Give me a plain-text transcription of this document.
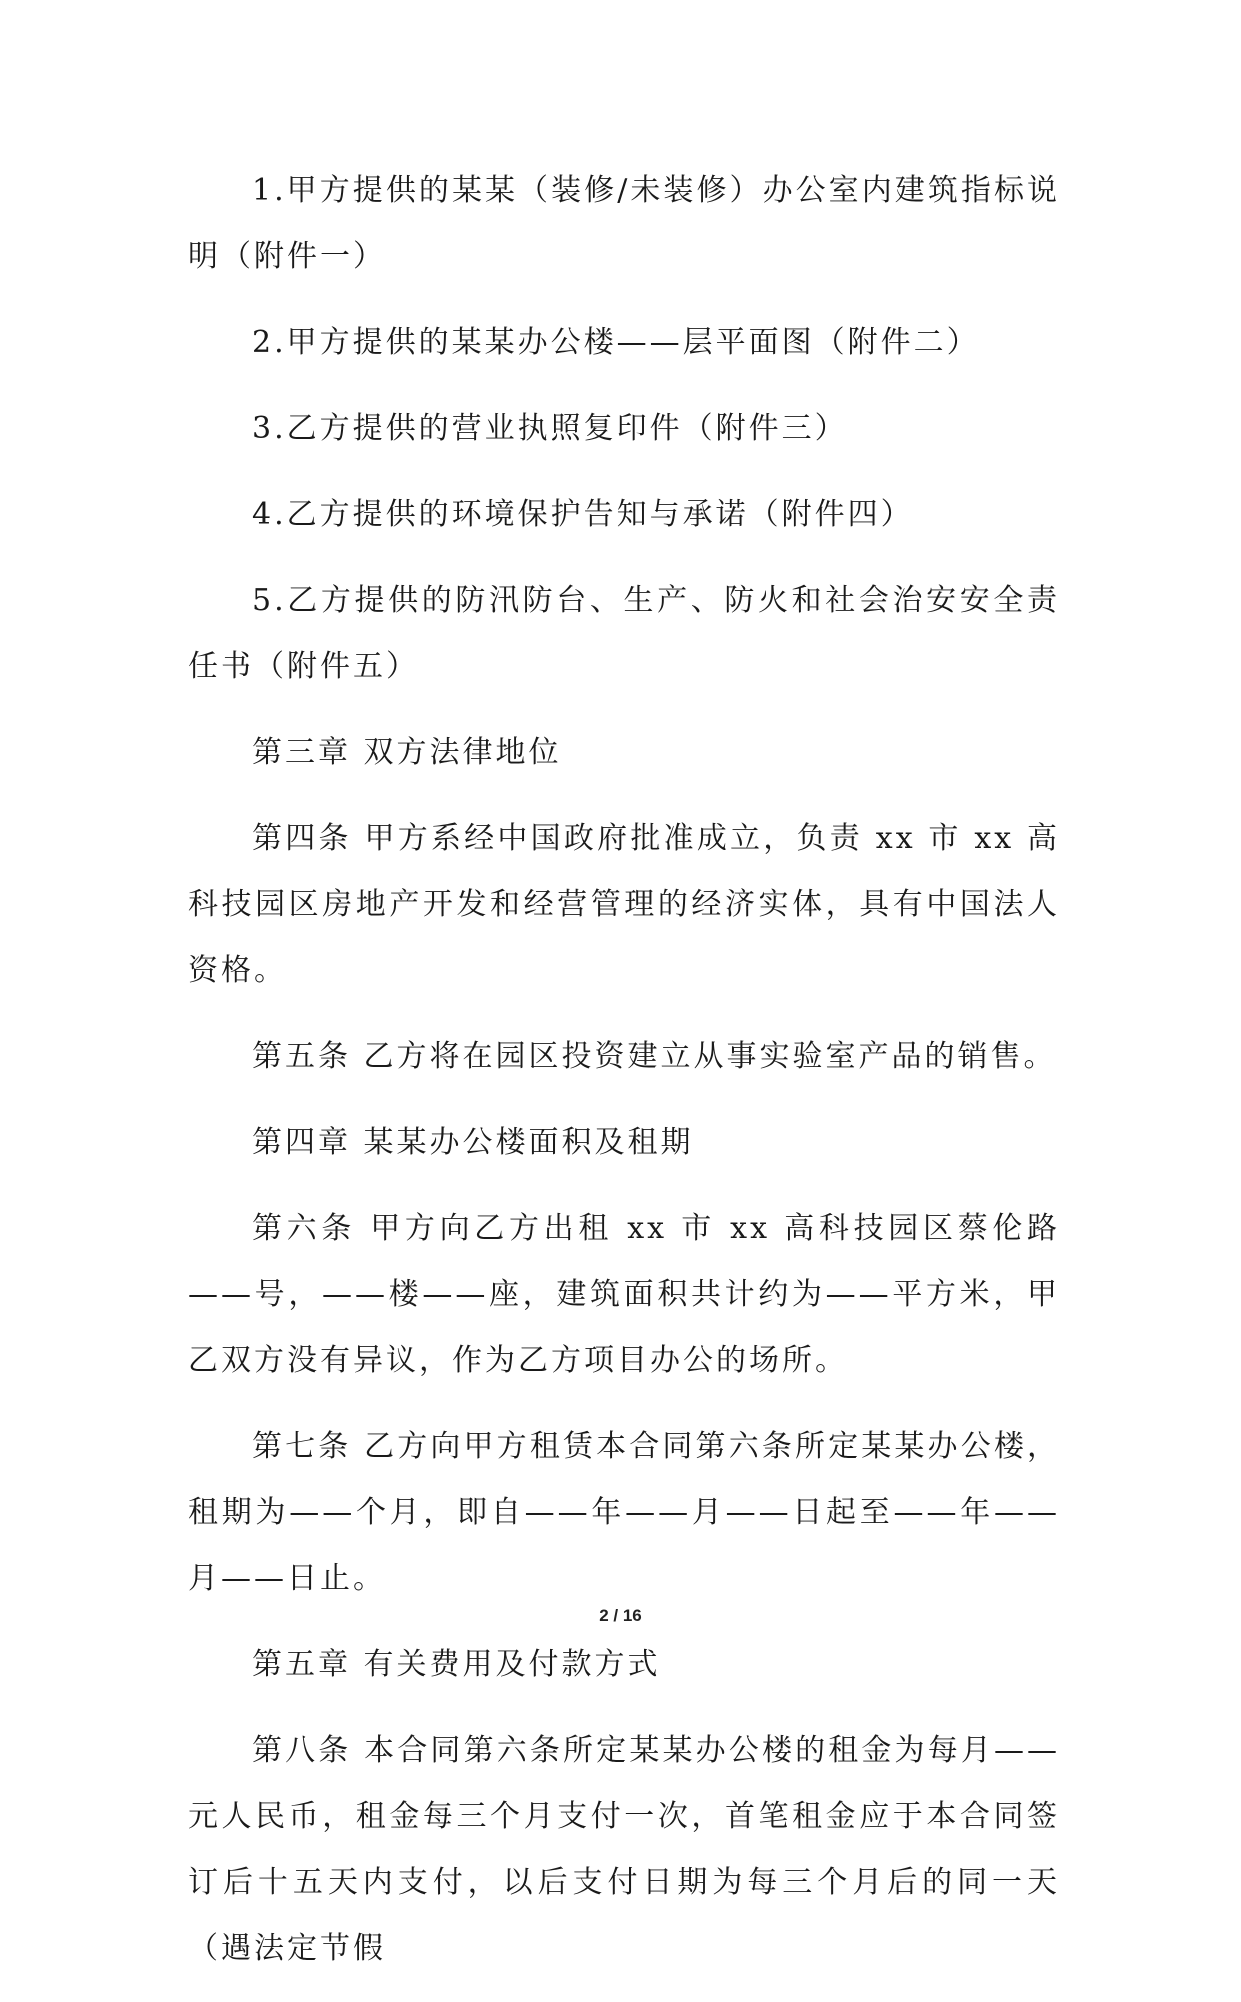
1.甲方提供的某某（装修/未装修）办公室内建筑指标说明（附件一）

2.甲方提供的某某办公楼——层平面图（附件二）

3.乙方提供的营业执照复印件（附件三）

4.乙方提供的环境保护告知与承诺（附件四）

5.乙方提供的防汛防台、生产、防火和社会治安安全责任书（附件五）

第三章 双方法律地位

第四条 甲方系经中国政府批准成立，负责 xx 市 xx 高科技园区房地产开发和经营管理的经济实体，具有中国法人资格。

第五条 乙方将在园区投资建立从事实验室产品的销售。

第四章 某某办公楼面积及租期

第六条 甲方向乙方出租 xx 市 xx 高科技园区蔡伦路——号，——楼——座，建筑面积共计约为——平方米，甲乙双方没有异议，作为乙方项目办公的场所。

第七条 乙方向甲方租赁本合同第六条所定某某办公楼，租期为——个月，即自——年——月——日起至——年——月——日止。

第五章 有关费用及付款方式

第八条 本合同第六条所定某某办公楼的租金为每月——元人民币，租金每三个月支付一次，首笔租金应于本合同签订后十五天内支付，以后支付日期为每三个月后的同一天（遇法定节假

2 / 16
